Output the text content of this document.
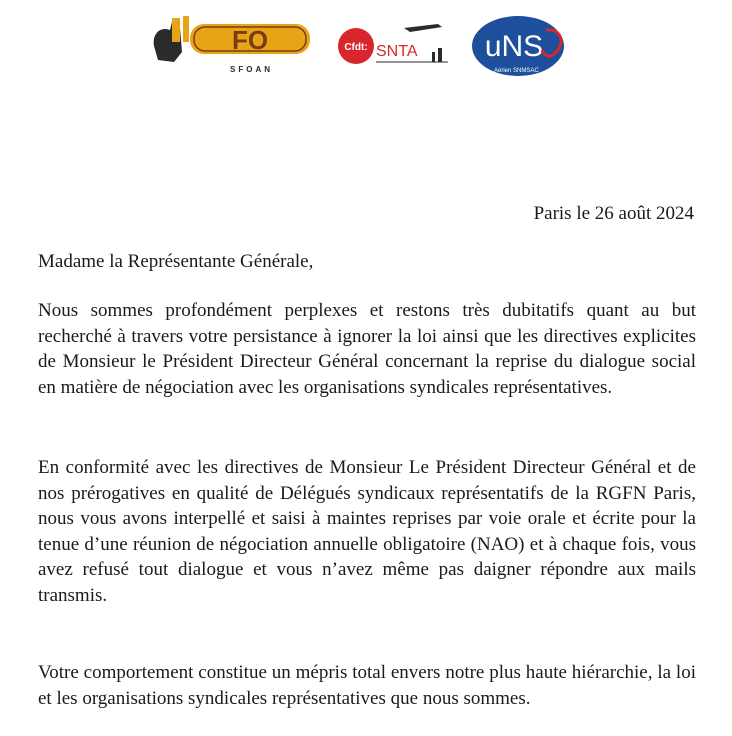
FO
SFOAN
Cfdt: SNTA uNS
Aérien SNMSAC
Paris le 26 août 2024
Madame la Représentante Générale,

Nous sommes profondément perplexes et restons très dubitatifs quant au but recherché à travers votre persistance à ignorer la loi ainsi que les directives explicites de Monsieur le Président Directeur Général concernant la reprise du dialogue social en matière de négociation avec les organisations syndicales représentatives.

En conformité avec les directives de Monsieur Le Président Directeur Général et de nos prérogatives en qualité de Délégués syndicaux représentatifs de la RGFN Paris, nous vous avons interpellé et saisi à maintes reprises par voie orale et écrite pour la tenue d’une réunion de négociation annuelle obligatoire (NAO) et à chaque fois, vous avez refusé tout dialogue et vous n’avez même pas daigner répondre aux mails transmis.

Votre comportement constitue un mépris total envers notre plus haute hiérarchie, la loi et les organisations syndicales représentatives que nous sommes.
